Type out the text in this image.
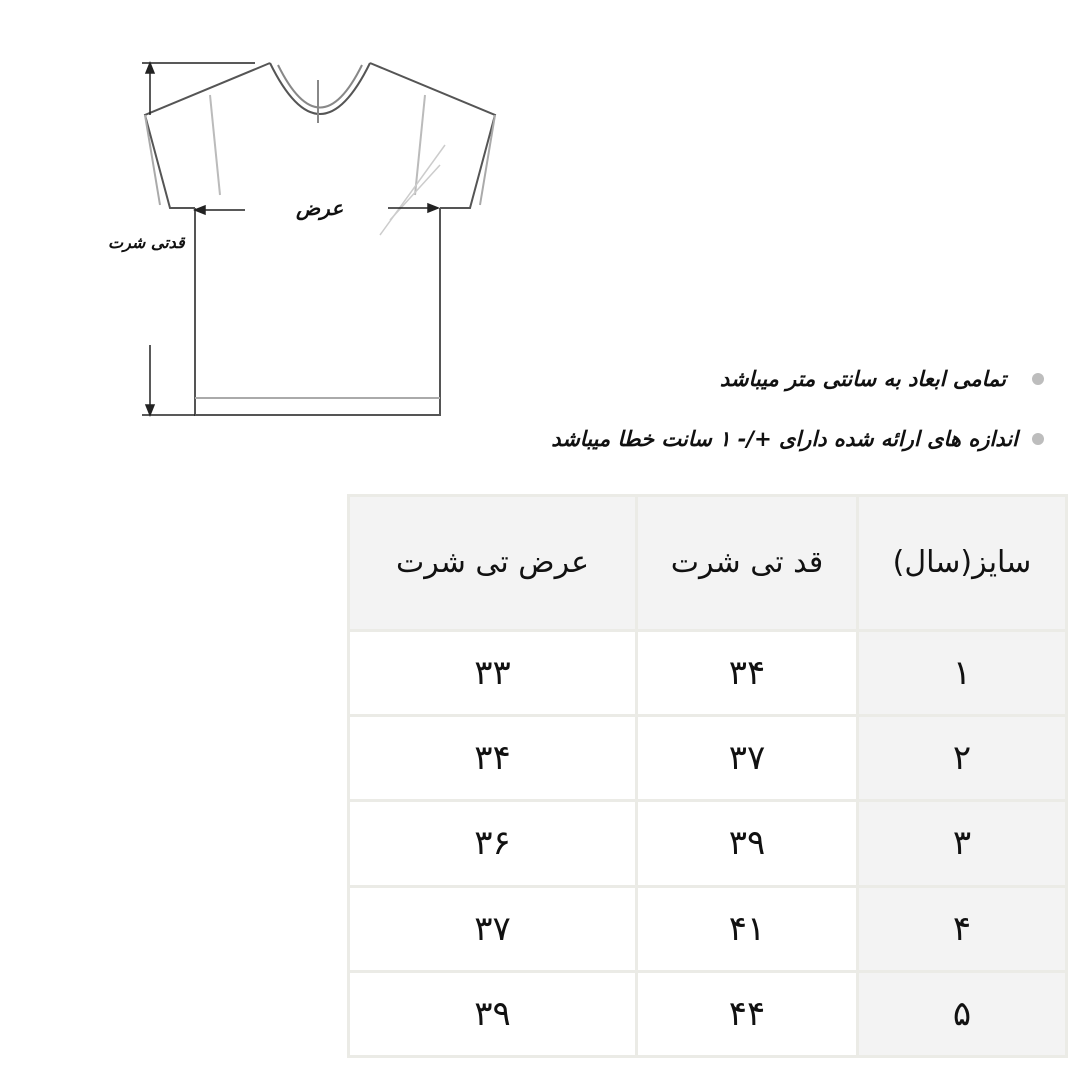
عرض
قدتی شرت
تمامی ابعاد به سانتی متر میباشد
اندازه های ارائه شده دارای +/- ۱ سانت خطا میباشد
سایز(سال)	قد تی شرت	عرض تی شرت
۱	۳۴	۳۳
۲	۳۷	۳۴
۳	۳۹	۳۶
۴	۴۱	۳۷
۵	۴۴	۳۹
